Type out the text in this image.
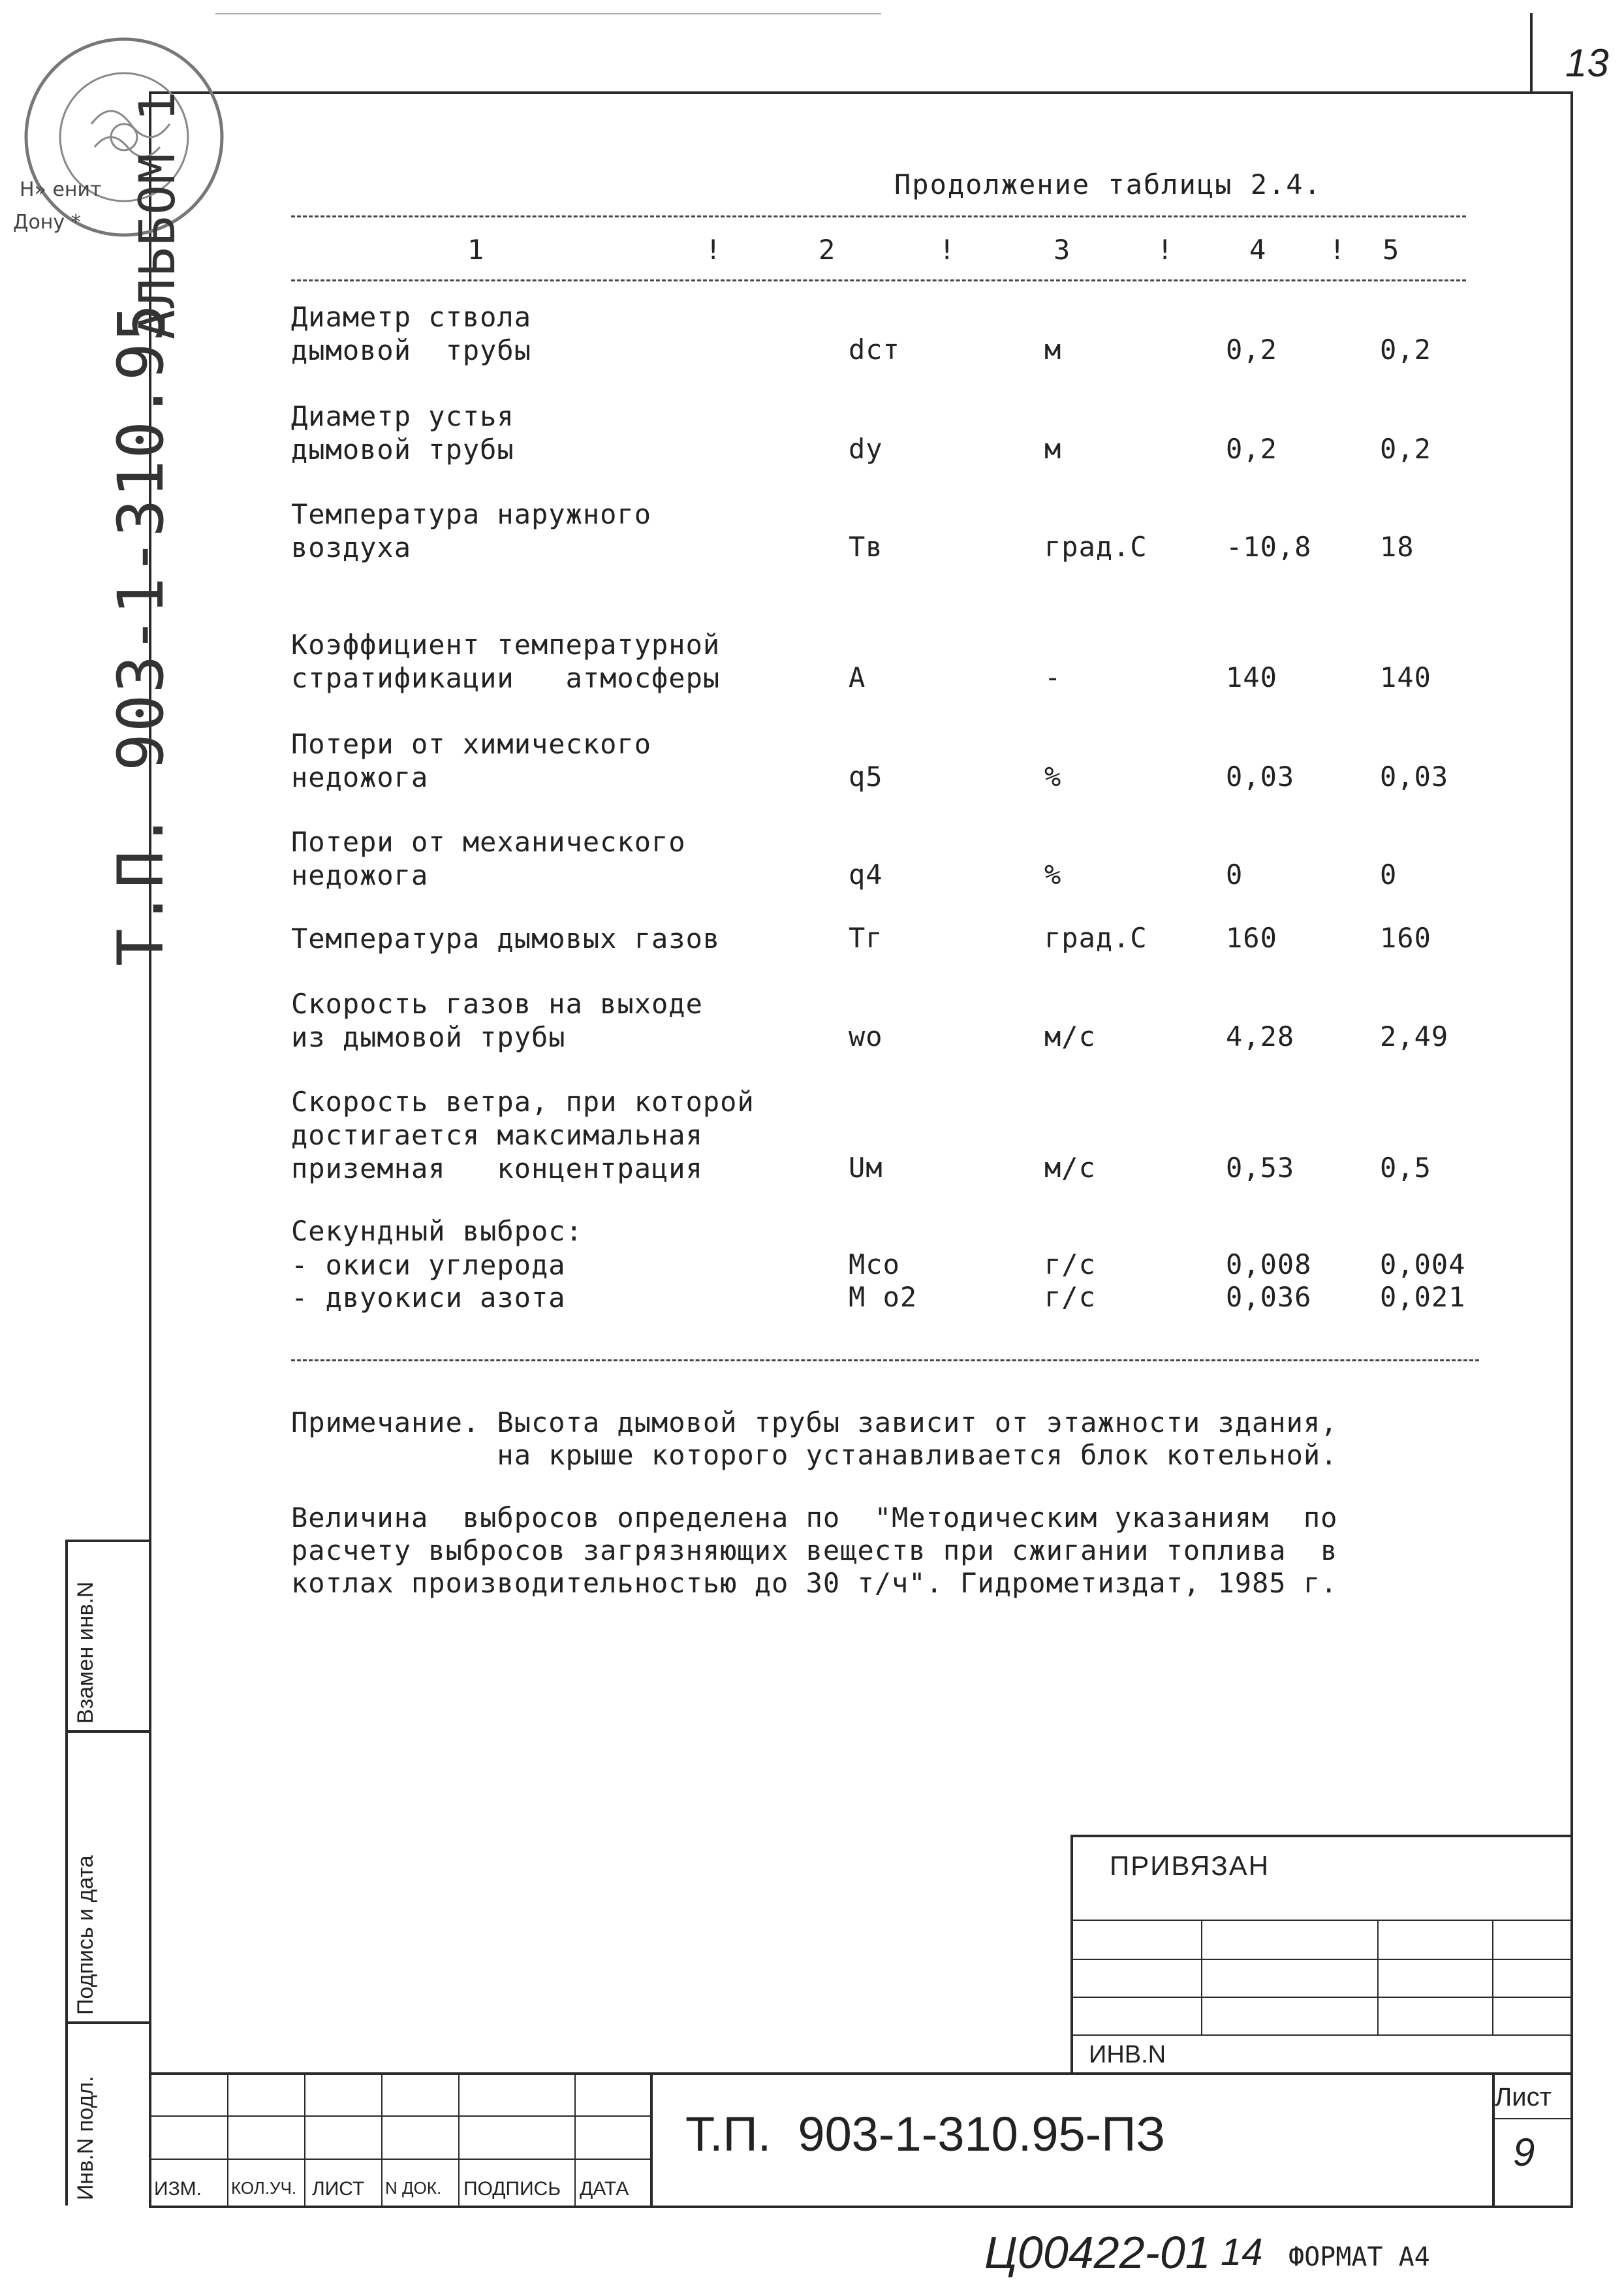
13
Н» енит
Дону * АЛЬБОМ 1
Т.П. 903-1-310.95
Продолжение таблицы 2.4.
1	!	2	!	3	!	4 ! 5
Диаметр ствола
дымовой  трубы	dст	м	0,2	0,2
Диаметр устья
дымовой трубы	dу	м	0,2	0,2
Температура наружного
воздуха	Тв	град.С	-10,8 18
Коэффициент температурной
стратификации   атмосферы	А	-	140	140
Потери от химического
недожога	q5	%	0,03	0,03
Потери от механического
недожога	q4	%	0	0
Температура дымовых газов	Тг	град.С	160	160
Скорость газов на выходе
из дымовой трубы	wo	м/с	4,28	2,49
Скорость ветра, при которой
достигается максимальная
приземная   концентрация	Uм	м/с	0,53	0,5
Секундный выброс:
- окиси углерода	Mco	г/с	0,008 0,004
- двуокиси азота	M o2	г/с	0,036 0,021
Примечание. Высота дымовой трубы зависит от этажности здания,
на крыше которого устанавливается блок котельной.
Величина  выбросов определена по  "Методическим указаниям  по
расчету выбросов загрязняющих веществ при сжигании топлива  в
котлах производительностью до 30 т/ч". Гидрометиздат, 1985 г.
Взамен инв.N
Подпись и дата
Инв.N подл.	ИЗМ. КОЛ.УЧ. ЛИСТ N ДОК. ПОДПИСЬ ДАТА
Т.П.  903-1-310.95-ПЗ
Лист
9
ПРИВЯЗАН
ИНВ.N
Ц00422-01 14 ФОРМАТ А4
